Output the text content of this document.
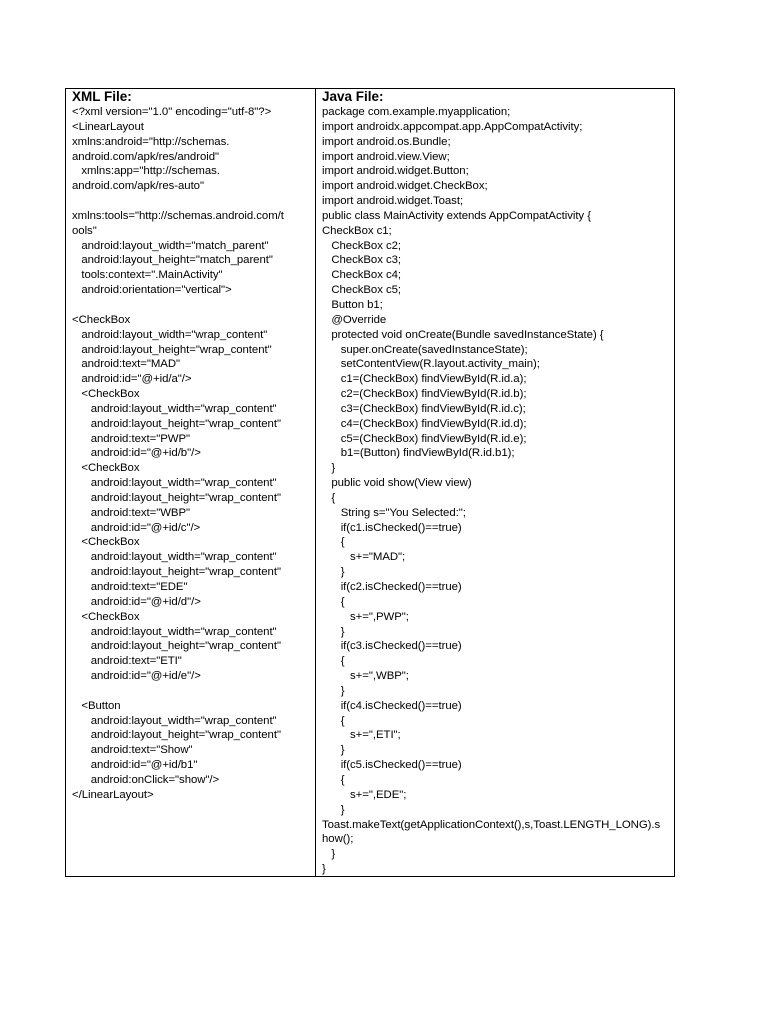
XML File:
<?xml version="1.0" encoding="utf-8"?>
<LinearLayout
xmlns:android="http://schemas.
android.com/apk/res/android"
xmlns:app="http://schemas.
android.com/apk/res-auto"
xmlns:tools="http://schemas.android.com/t
ools"
android:layout_width="match_parent"
android:layout_height="match_parent"
tools:context=".MainActivity"
android:orientation="vertical">
<CheckBox
android:layout_width="wrap_content"
android:layout_height="wrap_content"
android:text="MAD"
android:id="@+id/a"/>
<CheckBox
android:layout_width="wrap_content"
android:layout_height="wrap_content"
android:text="PWP"
android:id="@+id/b"/>
<CheckBox
android:layout_width="wrap_content"
android:layout_height="wrap_content"
android:text="WBP"
android:id="@+id/c"/>
<CheckBox
android:layout_width="wrap_content"
android:layout_height="wrap_content"
android:text="EDE"
android:id="@+id/d"/>
<CheckBox
android:layout_width="wrap_content"
android:layout_height="wrap_content"
android:text="ETI"
android:id="@+id/e"/>
<Button
android:layout_width="wrap_content"
android:layout_height="wrap_content"
android:text="Show"
android:id="@+id/b1"
android:onClick="show"/>
</LinearLayout>
Java File:
package com.example.myapplication;
import androidx.appcompat.app.AppCompatActivity;
import android.os.Bundle;
import android.view.View;
import android.widget.Button;
import android.widget.CheckBox;
import android.widget.Toast;
public class MainActivity extends AppCompatActivity {
CheckBox c1;
CheckBox c2;
CheckBox c3;
CheckBox c4;
CheckBox c5;
Button b1;
@Override
protected void onCreate(Bundle savedInstanceState) {
super.onCreate(savedInstanceState);
setContentView(R.layout.activity_main);
c1=(CheckBox) findViewById(R.id.a);
c2=(CheckBox) findViewById(R.id.b);
c3=(CheckBox) findViewById(R.id.c);
c4=(CheckBox) findViewById(R.id.d);
c5=(CheckBox) findViewById(R.id.e);
b1=(Button) findViewById(R.id.b1);
}
public void show(View view)
{
String s="You Selected:";
if(c1.isChecked()==true)
{
s+="MAD";
}
if(c2.isChecked()==true)
{
s+=",PWP";
}
if(c3.isChecked()==true)
{
s+=",WBP";
}
if(c4.isChecked()==true)
{
s+=",ETI";
}
if(c5.isChecked()==true)
{
s+=",EDE";
}
Toast.makeText(getApplicationContext(),s,Toast.LENGTH_LONG).s
how();
}
}
